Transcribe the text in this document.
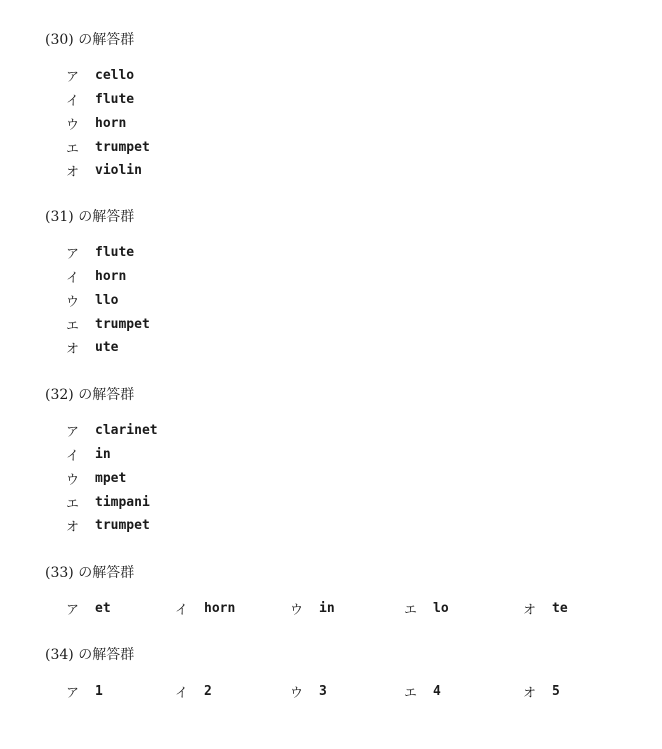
(30) の解答群
ア	cello
イ	flute
ウ	horn
エ	trumpet
オ	violin
(31) の解答群
ア	flute
イ	horn
ウ	llo
エ	trumpet
オ	ute
(32) の解答群
ア	clarinet
イ	in
ウ	mpet
エ	timpani
オ	trumpet
(33) の解答群
ア	et	イ	horn	ウ	in	エ	lo	オ	te
(34) の解答群
ア	1	イ	2	ウ	3	エ	4	オ	5
